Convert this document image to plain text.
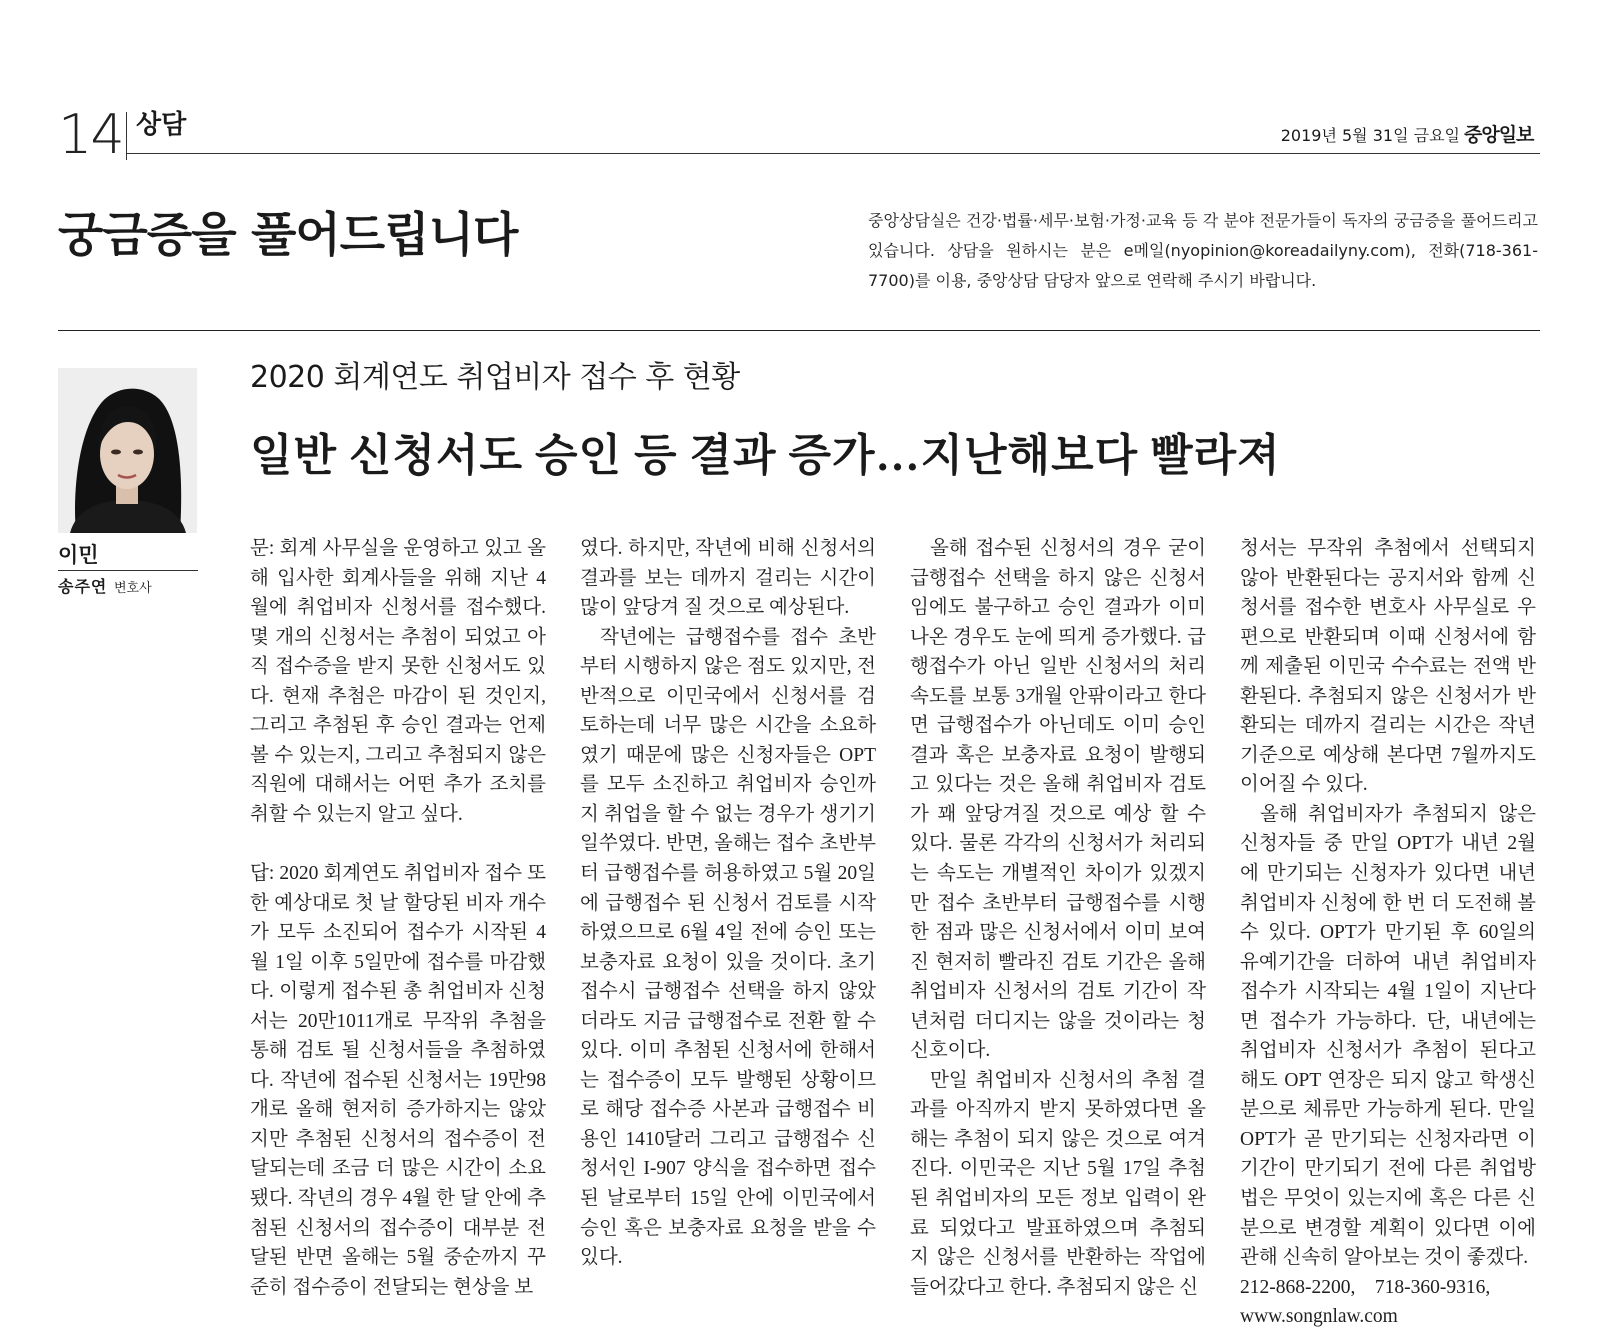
14 상담	2019년 5월 31일 금요일 중앙일보
궁금증을 풀어드립니다	중앙상담실은 건강·법률·세무·보험·가정·교육 등 각 분야 전문가들이 독자의 궁금증을 풀어드리고 있습니다. 상담을 원하시는 분은 e메일(nyopinion@koreadailyny.com), 전화(718-361-7700)를 이용, 중앙상담 담당자 앞으로 연락해 주시기 바랍니다.
이민
송주연 변호사
2020 회계연도 취업비자 접수 후 현황
일반 신청서도 승인 등 결과 증가…지난해보다 빨라져

문: 회계 사무실을 운영하고 있고 올해 입사한 회계사들을 위해 지난 4월에 취업비자 신청서를 접수했다. 몇 개의 신청서는 추첨이 되었고 아직 접수증을 받지 못한 신청서도 있다. 현재 추첨은 마감이 된 것인지, 그리고 추첨된 후 승인 결과는 언제 볼 수 있는지, 그리고 추첨되지 않은 직원에 대해서는 어떤 추가 조치를 취할 수 있는지 알고 싶다.

답: 2020 회계연도 취업비자 접수 또한 예상대로 첫 날 할당된 비자 개수가 모두 소진되어 접수가 시작된 4월 1일 이후 5일만에 접수를 마감했다. 이렇게 접수된 총 취업비자 신청서는 20만1011개로 무작위 추첨을 통해 검토 될 신청서들을 추첨하였다. 작년에 접수된 신청서는 19만98개로 올해 현저히 증가하지는 않았지만 추첨된 신청서의 접수증이 전달되는데 조금 더 많은 시간이 소요됐다. 작년의 경우 4월 한 달 안에 추첨된 신청서의 접수증이 대부분 전달된 반면 올해는 5월 중순까지 꾸준히 접수증이 전달되는 현상을 보

였다. 하지만, 작년에 비해 신청서의 결과를 보는 데까지 걸리는 시간이 많이 앞당겨 질 것으로 예상된다.

작년에는 급행접수를 접수 초반부터 시행하지 않은 점도 있지만, 전반적으로 이민국에서 신청서를 검토하는데 너무 많은 시간을 소요하였기 때문에 많은 신청자들은 OPT를 모두 소진하고 취업비자 승인까지 취업을 할 수 없는 경우가 생기기 일쑤였다. 반면, 올해는 접수 초반부터 급행접수를 허용하였고 5월 20일에 급행접수 된 신청서 검토를 시작하였으므로 6월 4일 전에 승인 또는 보충자료 요청이 있을 것이다. 초기 접수시 급행접수 선택을 하지 않았더라도 지금 급행접수로 전환 할 수 있다. 이미 추첨된 신청서에 한해서는 접수증이 모두 발행된 상황이므로 해당 접수증 사본과 급행접수 비용인 1410달러 그리고 급행접수 신청서인 I-907 양식을 접수하면 접수 된 날로부터 15일 안에 이민국에서 승인 혹은 보충자료 요청을 받을 수 있다.

올해 접수된 신청서의 경우 굳이 급행접수 선택을 하지 않은 신청서임에도 불구하고 승인 결과가 이미 나온 경우도 눈에 띄게 증가했다. 급행접수가 아닌 일반 신청서의 처리 속도를 보통 3개월 안팎이라고 한다면 급행접수가 아닌데도 이미 승인 결과 혹은 보충자료 요청이 발행되고 있다는 것은 올해 취업비자 검토가 꽤 앞당겨질 것으로 예상 할 수 있다. 물론 각각의 신청서가 처리되는 속도는 개별적인 차이가 있겠지만 접수 초반부터 급행접수를 시행한 점과 많은 신청서에서 이미 보여진 현저히 빨라진 검토 기간은 올해 취업비자 신청서의 검토 기간이 작년처럼 더디지는 않을 것이라는 청신호이다.

만일 취업비자 신청서의 추첨 결과를 아직까지 받지 못하였다면 올해는 추첨이 되지 않은 것으로 여겨진다. 이민국은 지난 5월 17일 추첨된 취업비자의 모든 정보 입력이 완료 되었다고 발표하였으며 추첨되지 않은 신청서를 반환하는 작업에 들어갔다고 한다. 추첨되지 않은 신

청서는 무작위 추첨에서 선택되지 않아 반환된다는 공지서와 함께 신청서를 접수한 변호사 사무실로 우편으로 반환되며 이때 신청서에 함께 제출된 이민국 수수료는 전액 반환된다. 추첨되지 않은 신청서가 반환되는 데까지 걸리는 시간은 작년 기준으로 예상해 본다면 7월까지도 이어질 수 있다.

올해 취업비자가 추첨되지 않은 신청자들 중 만일 OPT가 내년 2월에 만기되는 신청자가 있다면 내년 취업비자 신청에 한 번 더 도전해 볼 수 있다. OPT가 만기된 후 60일의 유예기간을 더하여 내년 취업비자 접수가 시작되는 4월 1일이 지난다면 접수가 가능하다. 단, 내년에는 취업비자 신청서가 추첨이 된다고 해도 OPT 연장은 되지 않고 학생신분으로 체류만 가능하게 된다. 만일 OPT가 곧 만기되는 신청자라면 이 기간이 만기되기 전에 다른 취업방법은 무엇이 있는지에 혹은 다른 신분으로 변경할 계획이 있다면 이에 관해 신속히 알아보는 것이 좋겠다.

212-868-2200,    718-360-9316,

www.songnlaw.com
